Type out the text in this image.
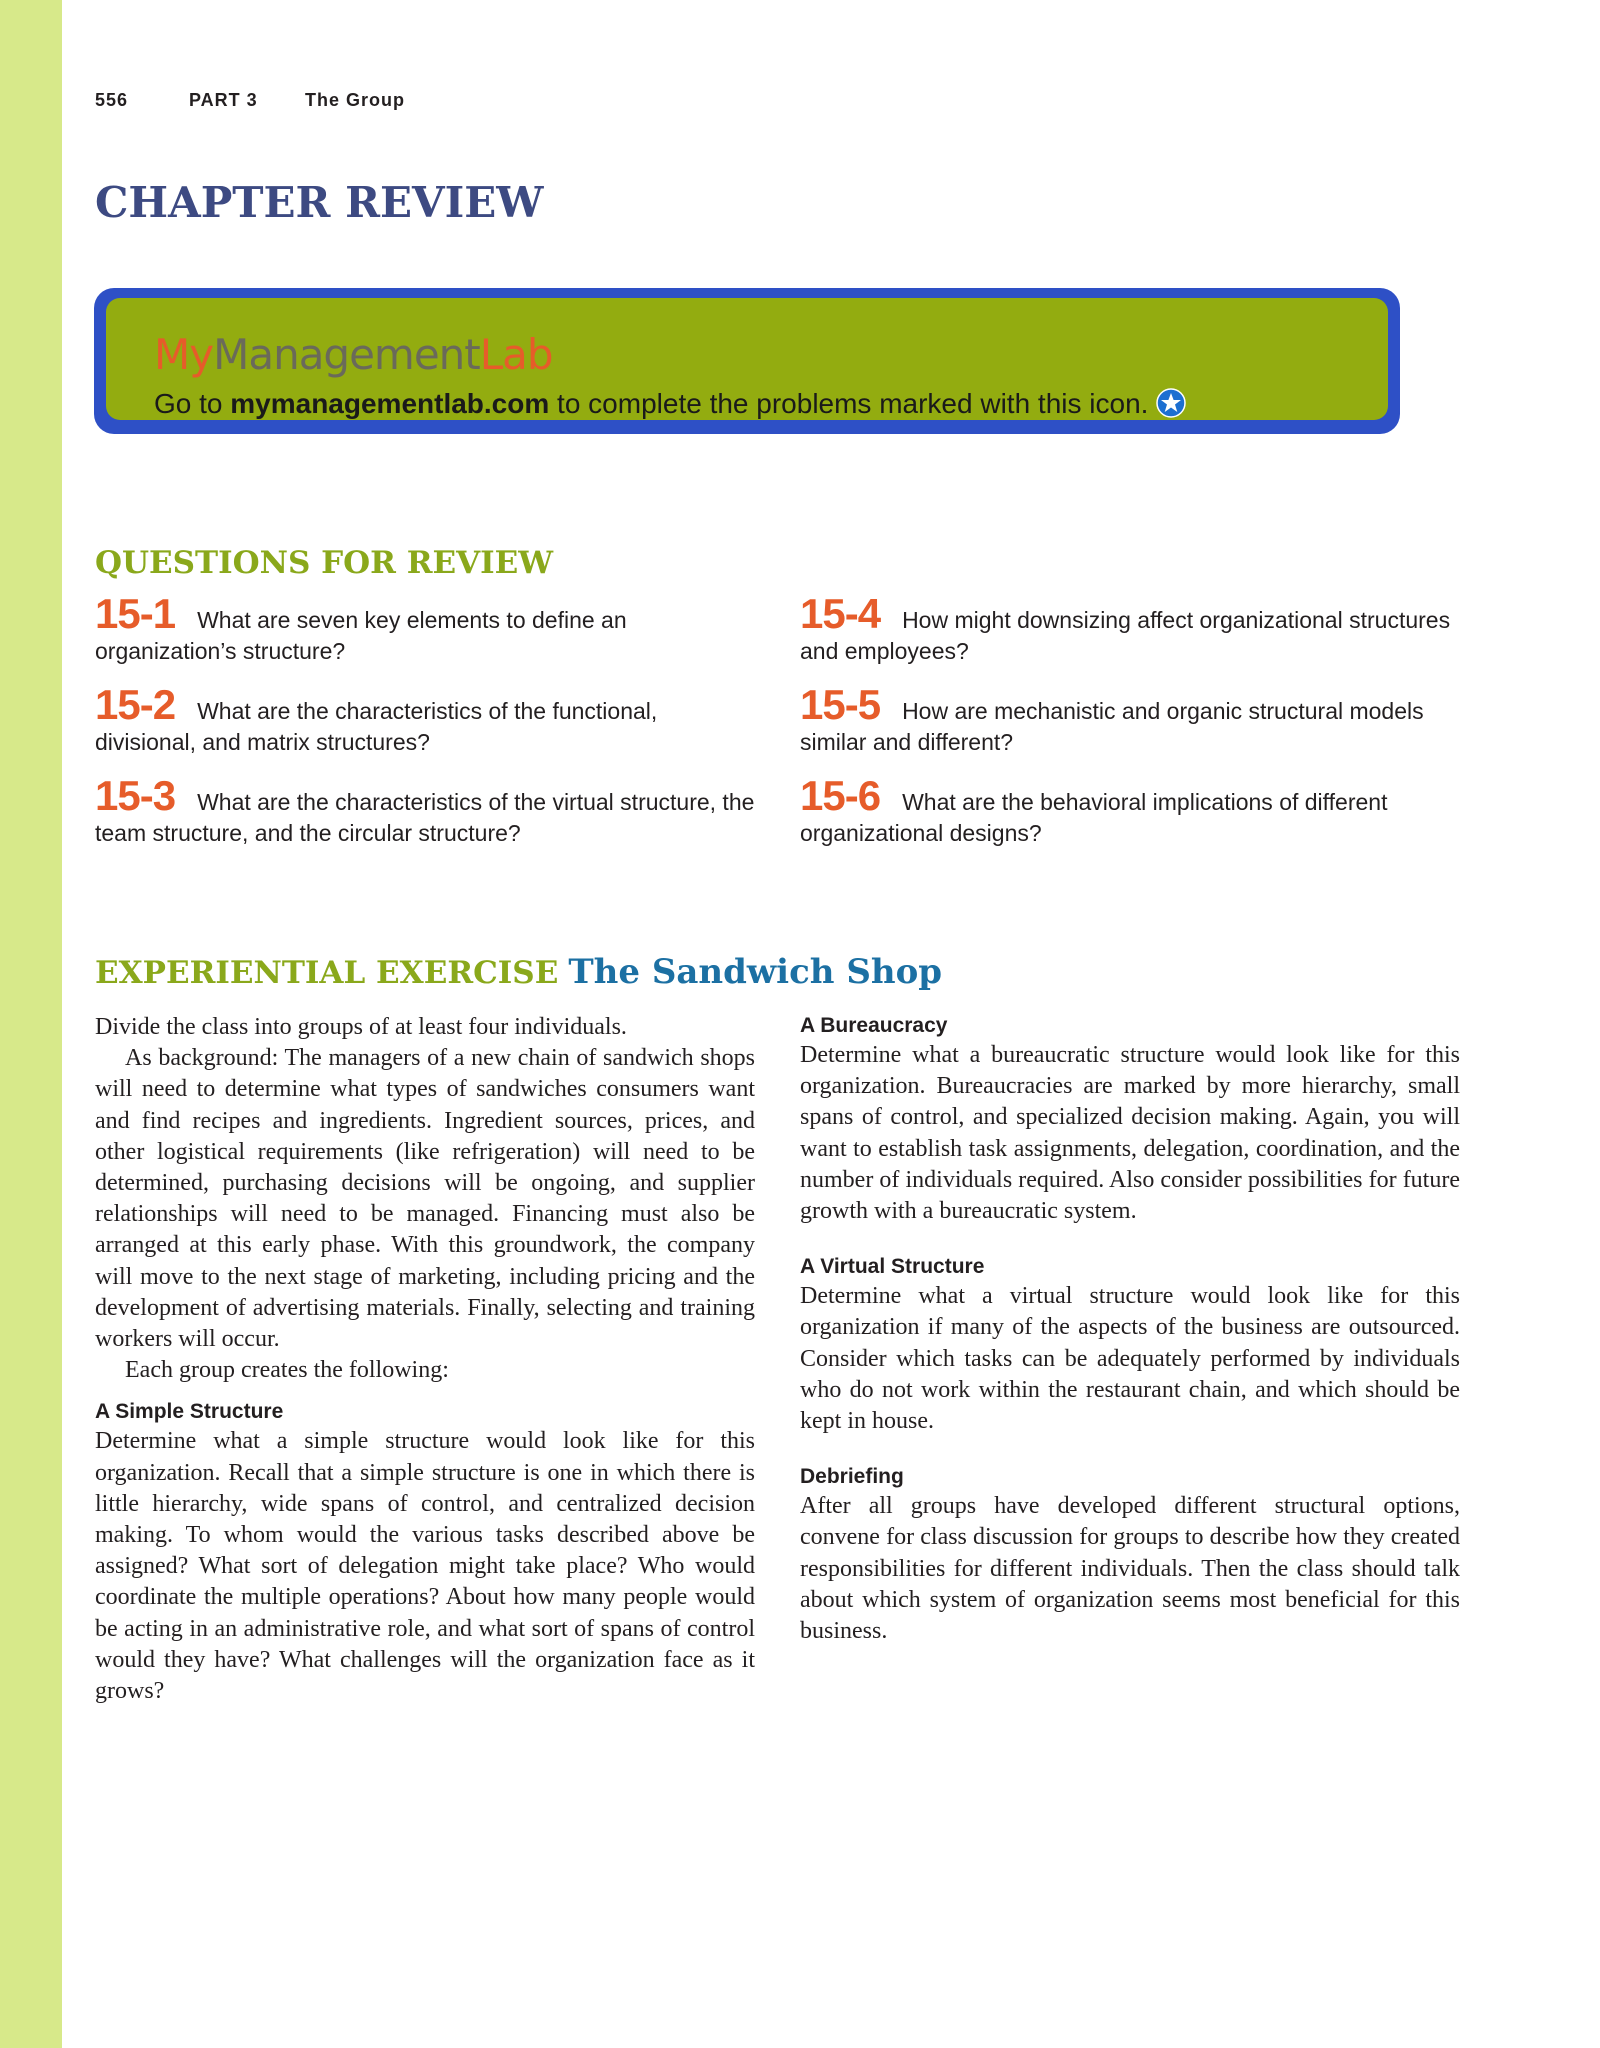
556	PART 3	The Group
CHAPTER REVIEW
MyManagementLab
Go to mymanagementlab.com to complete the problems marked with this icon.
QUESTIONS FOR REVIEW
15-1 What are seven key elements to define an organization’s structure?
15-2 What are the characteristics of the functional, divisional, and matrix structures?
15-3 What are the characteristics of the virtual structure, the team structure, and the circular structure?
15-4 How might downsizing affect organizational structures and employees?
15-5 How are mechanistic and organic structural models similar and different?
15-6 What are the behavioral implications of different organizational designs?
EXPERIENTIAL EXERCISE The Sandwich Shop

Divide the class into groups of at least four individuals.

As background: The managers of a new chain of sandwich shops will need to determine what types of sandwiches consumers want and find recipes and ingredients. Ingredient sources, prices, and other logistical requirements (like refrigeration) will need to be determined, purchasing decisions will be ongoing, and supplier relationships will need to be managed. Financing must also be arranged at this early phase. With this groundwork, the company will move to the next stage of marketing, including pricing and the development of advertising materials. Finally, selecting and training workers will occur.

Each group creates the following:

A Simple Structure

Determine what a simple structure would look like for this organization. Recall that a simple structure is one in which there is little hierarchy, wide spans of control, and centralized decision making. To whom would the various tasks described above be assigned? What sort of delegation might take place? Who would coordinate the multiple operations? About how many people would be acting in an administrative role, and what sort of spans of control would they have? What challenges will the organization face as it grows?

A Bureaucracy

Determine what a bureaucratic structure would look like for this organization. Bureaucracies are marked by more hierarchy, small spans of control, and specialized decision making. Again, you will want to establish task assignments, delegation, coordination, and the number of individuals required. Also consider possibilities for future growth with a bureaucratic system.

A Virtual Structure

Determine what a virtual structure would look like for this organization if many of the aspects of the business are outsourced. Consider which tasks can be adequately performed by individuals who do not work within the restaurant chain, and which should be kept in house.

Debriefing

After all groups have developed different structural options, convene for class discussion for groups to describe how they created responsibilities for different individuals. Then the class should talk about which system of organization seems most beneficial for this business.
